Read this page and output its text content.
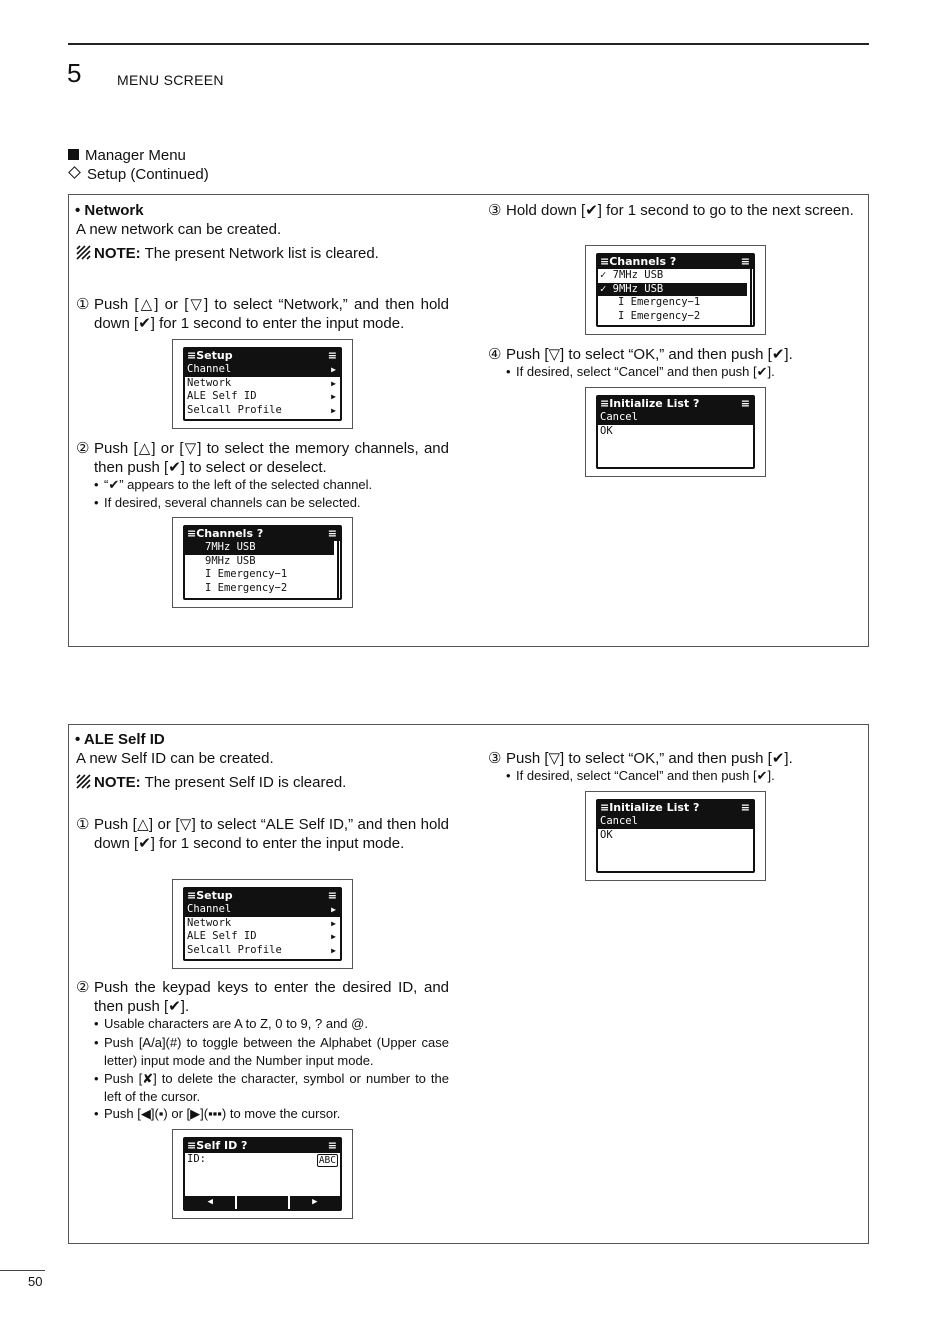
5	MENU SCREEN
Manager Menu
Setup (Continued)
• Network
A new network can be created.
NOTE: The present Network list is cleared.
① Push [△] or [▽] to select “Network,” and then hold down [✔] for 1 second to enter the input mode.
≡Setup	≡
Channel	▶
Network	▶
ALE Self ID	▶
Selcall Profile	▶
② Push [△] or [▽] to select the memory channels, and then push [✔] to select or deselect.
• “✔” appears to the left of the selected channel.
• If desired, several channels can be selected.
≡Channels ?	≡
7MHz USB
9MHz USB
I Emergency−1
I Emergency−2
③ Hold down [✔] for 1 second to go to the next screen.
≡Channels ?	≡
✓ 7MHz USB
✓ 9MHz USB
I Emergency−1
I Emergency−2
④ Push [▽] to select “OK,” and then push [✔].
• If desired, select “Cancel” and then push [✔].
≡Initialize List ?	≡
Cancel
OK
• ALE Self ID
A new Self ID can be created.
NOTE: The present Self ID is cleared.
① Push [△] or [▽] to select “ALE Self ID,” and then hold down [✔] for 1 second to enter the input mode.
≡Setup	≡
Channel	▶
Network	▶
ALE Self ID	▶
Selcall Profile	▶
② Push the keypad keys to enter the desired ID, and then push [✔].
• Usable characters are A to Z, 0 to 9, ? and @.
• Push [A/a](#) to toggle between the Alphabet (Upper case letter) input mode and the Number input mode.
• Push [✘] to delete the character, symbol or number to the left of the cursor.
• Push [◀](▪) or [▶](▪▪▪) to move the cursor.
≡Self ID ?	≡
ID:	ABC
◀	▶
③ Push [▽] to select “OK,” and then push [✔].
• If desired, select “Cancel” and then push [✔].
≡Initialize List ?	≡
Cancel
OK
50
